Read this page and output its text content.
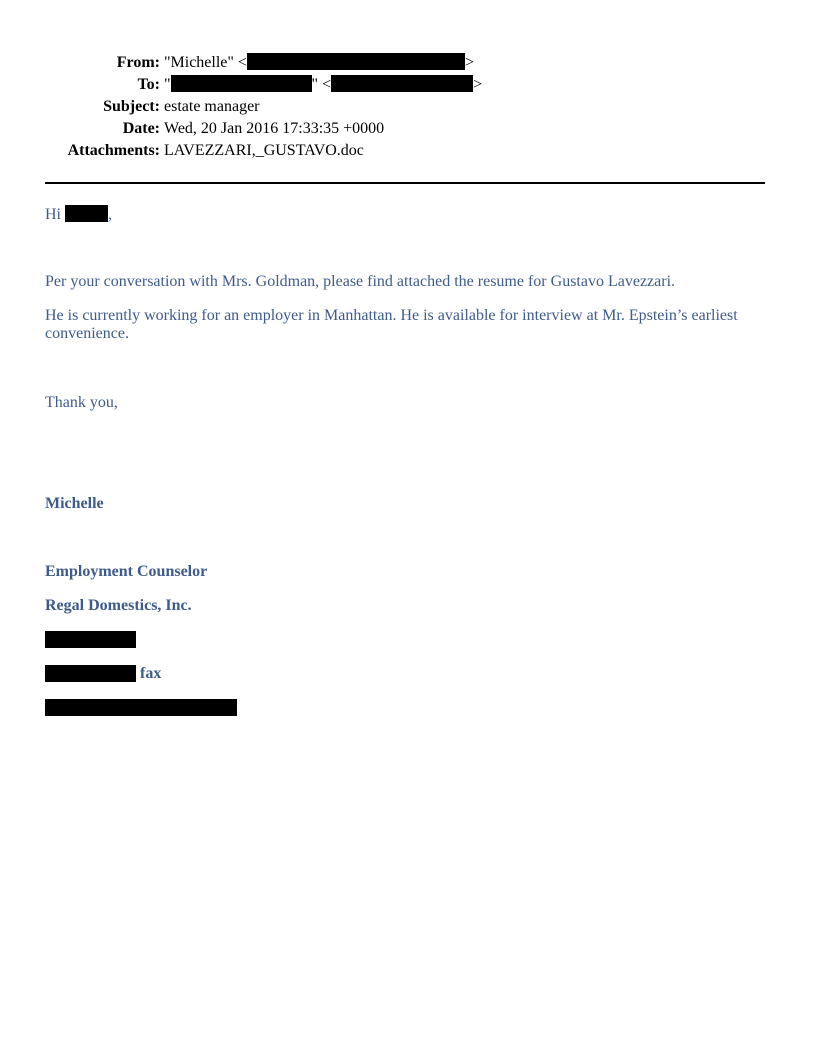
From: "Michelle" <	>
To: "	" <	>
Subject: estate manager
Date: Wed, 20 Jan 2016 17:33:35 +0000
Attachments: LAVEZZARI,_GUSTAVO.doc
Hi	,
Per your conversation with Mrs. Goldman, please find attached the resume for Gustavo Lavezzari.
He is currently working for an employer in Manhattan. He is available for interview at Mr. Epstein’s earliest convenience.
Thank you,
Michelle
Employment Counselor
Regal Domestics, Inc.
fax
